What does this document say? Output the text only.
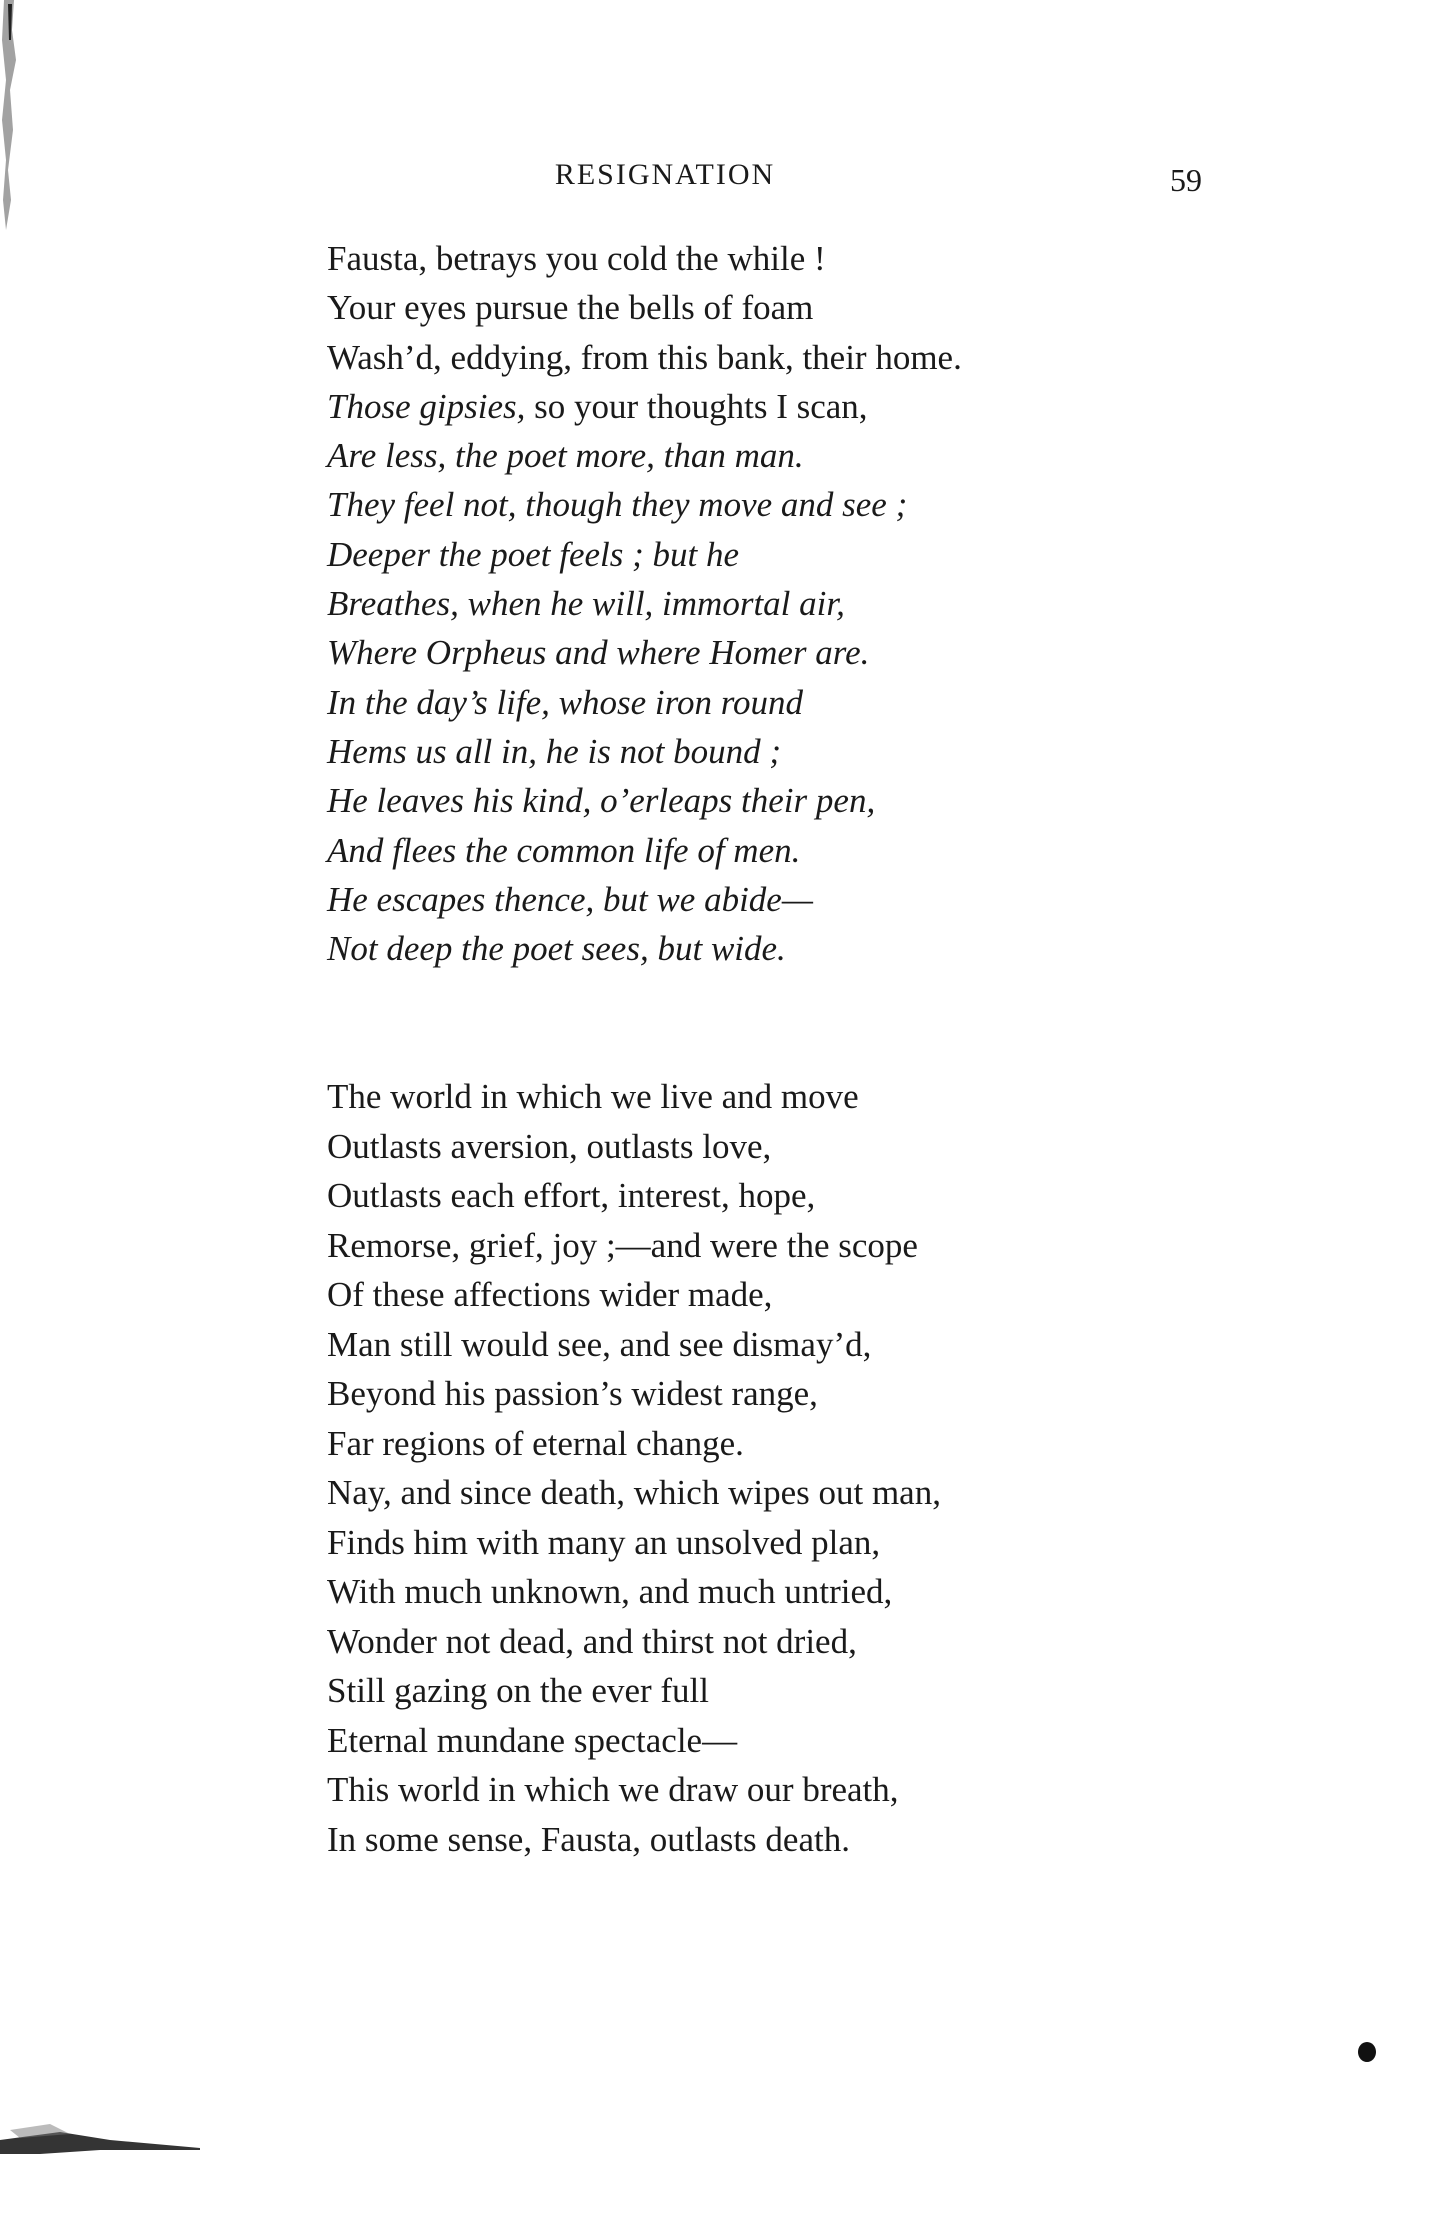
RESIGNATION	59
Fausta, betrays you cold the while !
Your eyes pursue the bells of foam
Wash’d, eddying, from this bank, their home.
Those gipsies, so your thoughts I scan,
Are less, the poet more, than man.
They feel not, though they move and see ;
Deeper the poet feels ; but he
Breathes, when he will, immortal air,
Where Orpheus and where Homer are.
In the day’s life, whose iron round
Hems us all in, he is not bound ;
He leaves his kind, o’erleaps their pen,
And flees the common life of men.
He escapes thence, but we abide—
Not deep the poet sees, but wide.
The world in which we live and move
Outlasts aversion, outlasts love,
Outlasts each effort, interest, hope,
Remorse, grief, joy ;—and were the scope
Of these affections wider made,
Man still would see, and see dismay’d,
Beyond his passion’s widest range,
Far regions of eternal change.
Nay, and since death, which wipes out man,
Finds him with many an unsolved plan,
With much unknown, and much untried,
Wonder not dead, and thirst not dried,
Still gazing on the ever full
Eternal mundane spectacle—
This world in which we draw our breath,
In some sense, Fausta, outlasts death.
